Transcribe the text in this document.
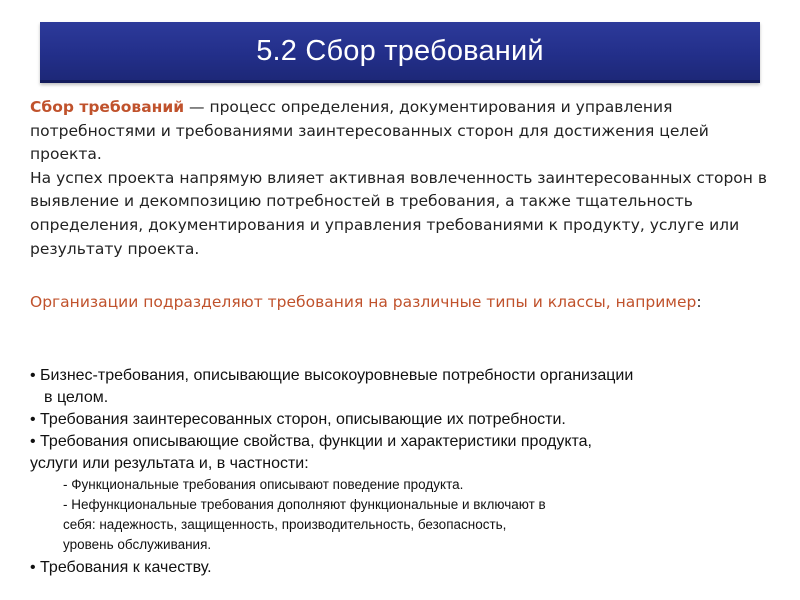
5.2 Сбор требований

Сбор требований — процесс определения, документирования и управления потребностями и требованиями заинтересованных сторон для достижения целей проекта.

На успех проекта напрямую влияет активная вовлеченность заинтересованных сторон в выявление и декомпозицию потребностей в требования, а также тщательность определения, документирования и управления требованиями к продукту, услуге или результату проекта.

Организации подразделяют требования на различные типы и классы, например:

• Бизнес-требования, описывающие высокоуровневые потребности организации
в целом.
• Требования заинтересованных сторон, описывающие их потребности.
• Требования описывающие свойства, функции и характеристики продукта,
услуги или результата и, в частности:
- Функциональные требования описывают поведение продукта.
- Нефункциональные требования дополняют функциональные и включают в
себя: надежность, защищенность, производительность, безопасность,
уровень обслуживания.
• Требования к качеству.
